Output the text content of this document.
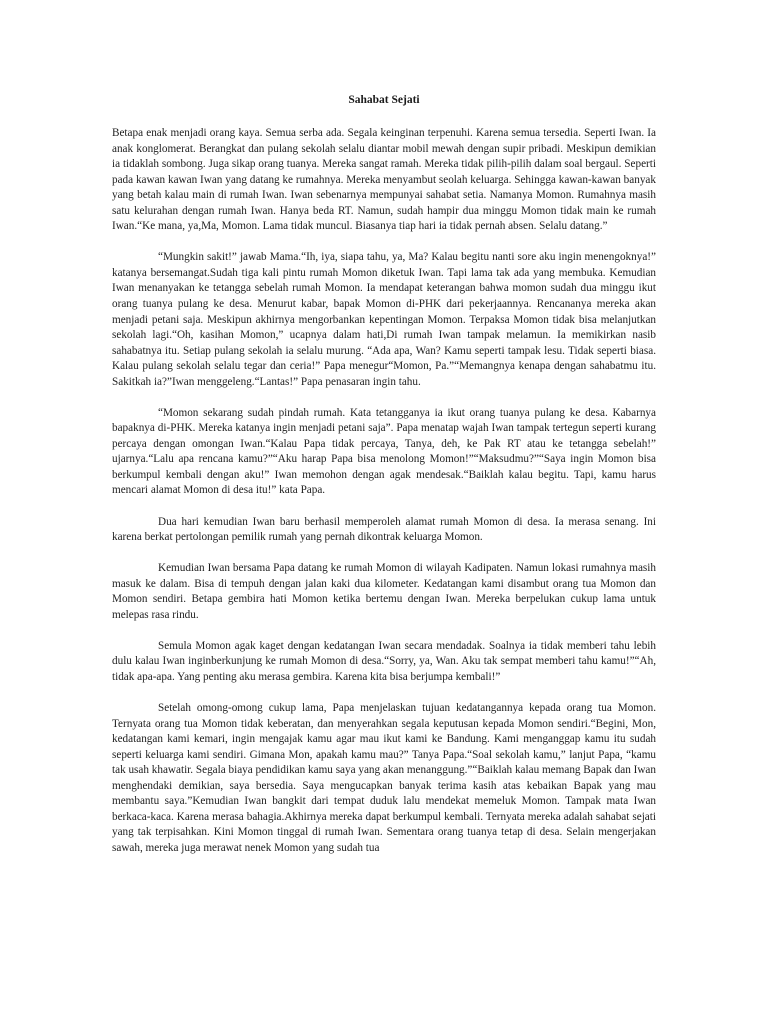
Sahabat Sejati

Betapa enak menjadi orang kaya. Semua serba ada. Segala keinginan terpenuhi. Karena semua tersedia. Seperti Iwan. Ia anak konglomerat. Berangkat dan pulang sekolah selalu diantar mobil mewah dengan supir pribadi. Meskipun demikian ia tidaklah sombong. Juga sikap orang tuanya. Mereka sangat ramah. Mereka tidak pilih-pilih dalam soal bergaul. Seperti pada kawan kawan Iwan yang datang ke rumahnya. Mereka menyambut seolah keluarga. Sehingga kawan-kawan banyak yang betah kalau main di rumah Iwan. Iwan sebenarnya mempunyai sahabat setia. Namanya Momon. Rumahnya masih satu kelurahan dengan rumah Iwan. Hanya beda RT. Namun, sudah hampir dua minggu Momon tidak main ke rumah Iwan.“Ke mana, ya,Ma, Momon. Lama tidak muncul. Biasanya tiap hari ia tidak pernah absen. Selalu datang.”

“Mungkin sakit!” jawab Mama.“Ih, iya, siapa tahu, ya, Ma? Kalau begitu nanti sore aku ingin menengoknya!” katanya bersemangat.Sudah tiga kali pintu rumah Momon diketuk Iwan. Tapi lama tak ada yang membuka. Kemudian Iwan menanyakan ke tetangga sebelah rumah Momon. Ia mendapat keterangan bahwa momon sudah dua minggu ikut orang tuanya pulang ke desa. Menurut kabar, bapak Momon di-PHK dari pekerjaannya. Rencananya mereka akan menjadi petani saja. Meskipun akhirnya mengorbankan kepentingan Momon. Terpaksa Momon tidak bisa melanjutkan sekolah lagi.“Oh, kasihan Momon,” ucapnya dalam hati,Di rumah Iwan tampak melamun. Ia memikirkan nasib sahabatnya itu. Setiap pulang sekolah ia selalu murung. “Ada apa, Wan? Kamu seperti tampak lesu. Tidak seperti biasa. Kalau pulang sekolah selalu tegar dan ceria!” Papa menegur“Momon, Pa.”“Memangnya kenapa dengan sahabatmu itu. Sakitkah ia?”Iwan menggeleng.“Lantas!” Papa penasaran ingin tahu.

“Momon sekarang sudah pindah rumah. Kata tetangganya ia ikut orang tuanya pulang ke desa. Kabarnya bapaknya di-PHK. Mereka katanya ingin menjadi petani saja”. Papa menatap wajah Iwan tampak tertegun seperti kurang percaya dengan omongan Iwan.“Kalau Papa tidak percaya, Tanya, deh, ke Pak RT atau ke tetangga sebelah!” ujarnya.“Lalu apa rencana kamu?”“Aku harap Papa bisa menolong Momon!”“Maksudmu?”“Saya ingin Momon bisa berkumpul kembali dengan aku!” Iwan memohon dengan agak mendesak.“Baiklah kalau begitu. Tapi, kamu harus mencari alamat Momon di desa itu!” kata Papa.

Dua hari kemudian Iwan baru berhasil memperoleh alamat rumah Momon di desa. Ia merasa senang. Ini karena berkat pertolongan pemilik rumah yang pernah dikontrak keluarga Momon.

Kemudian Iwan bersama Papa datang ke rumah Momon di wilayah Kadipaten. Namun lokasi rumahnya masih masuk ke dalam. Bisa di tempuh dengan jalan kaki dua kilometer. Kedatangan kami disambut orang tua Momon dan Momon sendiri. Betapa gembira hati Momon ketika bertemu dengan Iwan. Mereka berpelukan cukup lama untuk melepas rasa rindu.

Semula Momon agak kaget dengan kedatangan Iwan secara mendadak. Soalnya ia tidak memberi tahu lebih dulu kalau Iwan inginberkunjung ke rumah Momon di desa.“Sorry, ya, Wan. Aku tak sempat memberi tahu kamu!”“Ah, tidak apa-apa. Yang penting aku merasa gembira. Karena kita bisa berjumpa kembali!”

Setelah omong-omong cukup lama, Papa menjelaskan tujuan kedatangannya kepada orang tua Momon. Ternyata orang tua Momon tidak keberatan, dan menyerahkan segala keputusan kepada Momon sendiri.“Begini, Mon, kedatangan kami kemari, ingin mengajak kamu agar mau ikut kami ke Bandung. Kami menganggap kamu itu sudah seperti keluarga kami sendiri. Gimana Mon, apakah kamu mau?” Tanya Papa.“Soal sekolah kamu,” lanjut Papa, “kamu tak usah khawatir. Segala biaya pendidikan kamu saya yang akan menanggung.”“Baiklah kalau memang Bapak dan Iwan menghendaki demikian, saya bersedia. Saya mengucapkan banyak terima kasih atas kebaikan Bapak yang mau membantu saya.”Kemudian Iwan bangkit dari tempat duduk lalu mendekat memeluk Momon. Tampak mata Iwan berkaca-kaca. Karena merasa bahagia.Akhirnya mereka dapat berkumpul kembali. Ternyata mereka adalah sahabat sejati yang tak terpisahkan. Kini Momon tinggal di rumah Iwan. Sementara orang tuanya tetap di desa. Selain mengerjakan sawah, mereka juga merawat nenek Momon yang sudah tua
